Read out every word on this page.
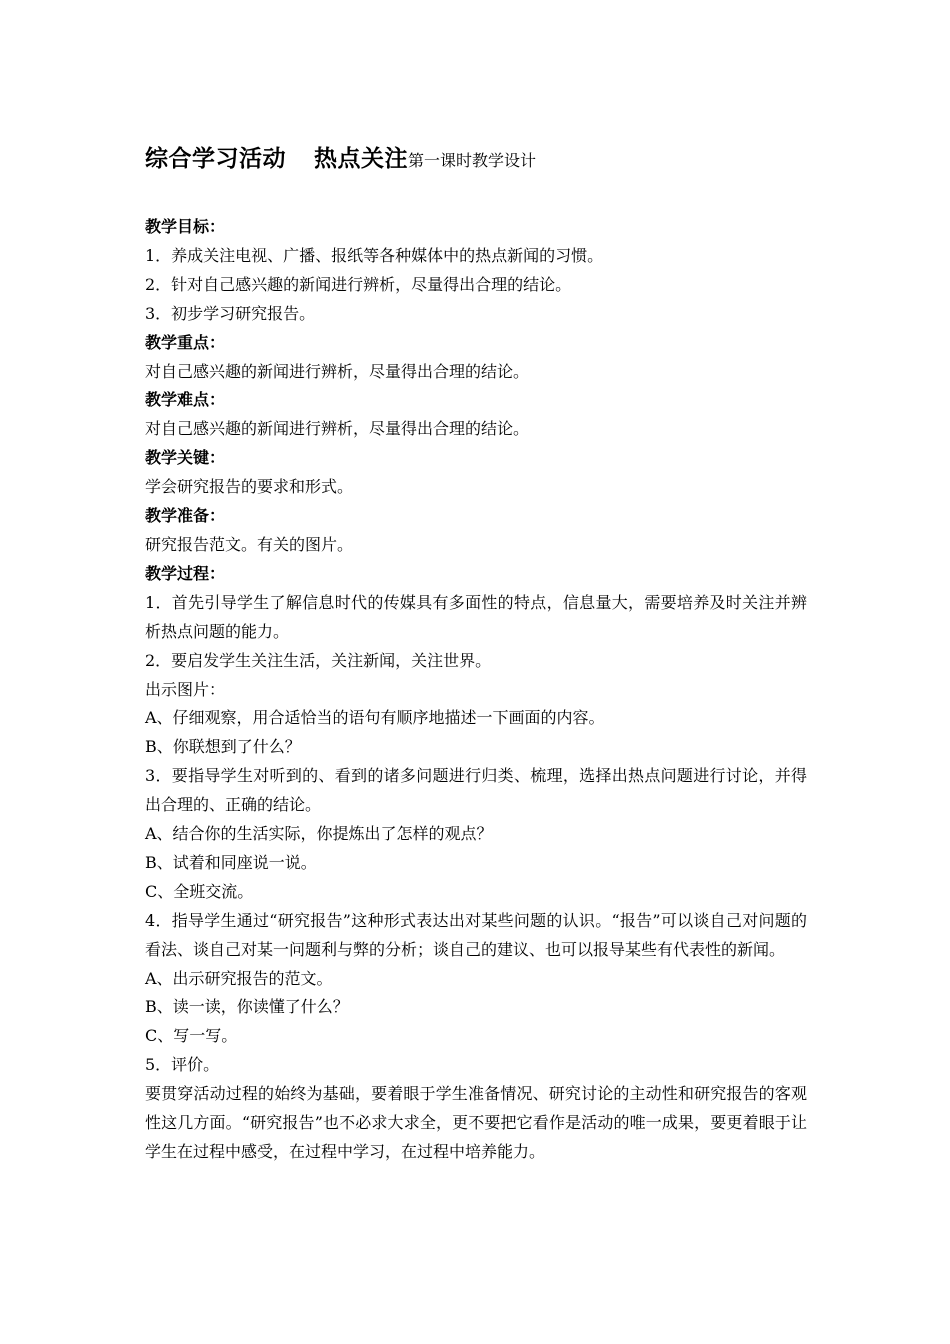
综合学习活动 热点关注第一课时教学设计

教学目标：

1．养成关注电视、广播、报纸等各种媒体中的热点新闻的习惯。

2．针对自己感兴趣的新闻进行辨析，尽量得出合理的结论。

3．初步学习研究报告。

教学重点：

对自己感兴趣的新闻进行辨析，尽量得出合理的结论。

教学难点：

对自己感兴趣的新闻进行辨析，尽量得出合理的结论。

教学关键：

学会研究报告的要求和形式。

教学准备：

研究报告范文。有关的图片。

教学过程：

1．首先引导学生了解信息时代的传媒具有多面性的特点，信息量大，需要培养及时关注并辨析热点问题的能力。

2．要启发学生关注生活，关注新闻，关注世界。

出示图片：

A、仔细观察，用合适恰当的语句有顺序地描述一下画面的内容。

B、你联想到了什么？

3．要指导学生对听到的、看到的诸多问题进行归类、梳理，选择出热点问题进行讨论，并得出合理的、正确的结论。

A、结合你的生活实际，你提炼出了怎样的观点？

B、试着和同座说一说。

C、全班交流。

4．指导学生通过“研究报告”这种形式表达出对某些问题的认识。“报告”可以谈自己对问题的看法、谈自己对某一问题利与弊的分析；谈自己的建议、也可以报导某些有代表性的新闻。

A、出示研究报告的范文。

B、读一读，你读懂了什么？

C、写一写。

5．评价。

要贯穿活动过程的始终为基础，要着眼于学生准备情况、研究讨论的主动性和研究报告的客观性这几方面。“研究报告”也不必求大求全，更不要把它看作是活动的唯一成果，要更着眼于让学生在过程中感受，在过程中学习，在过程中培养能力。
